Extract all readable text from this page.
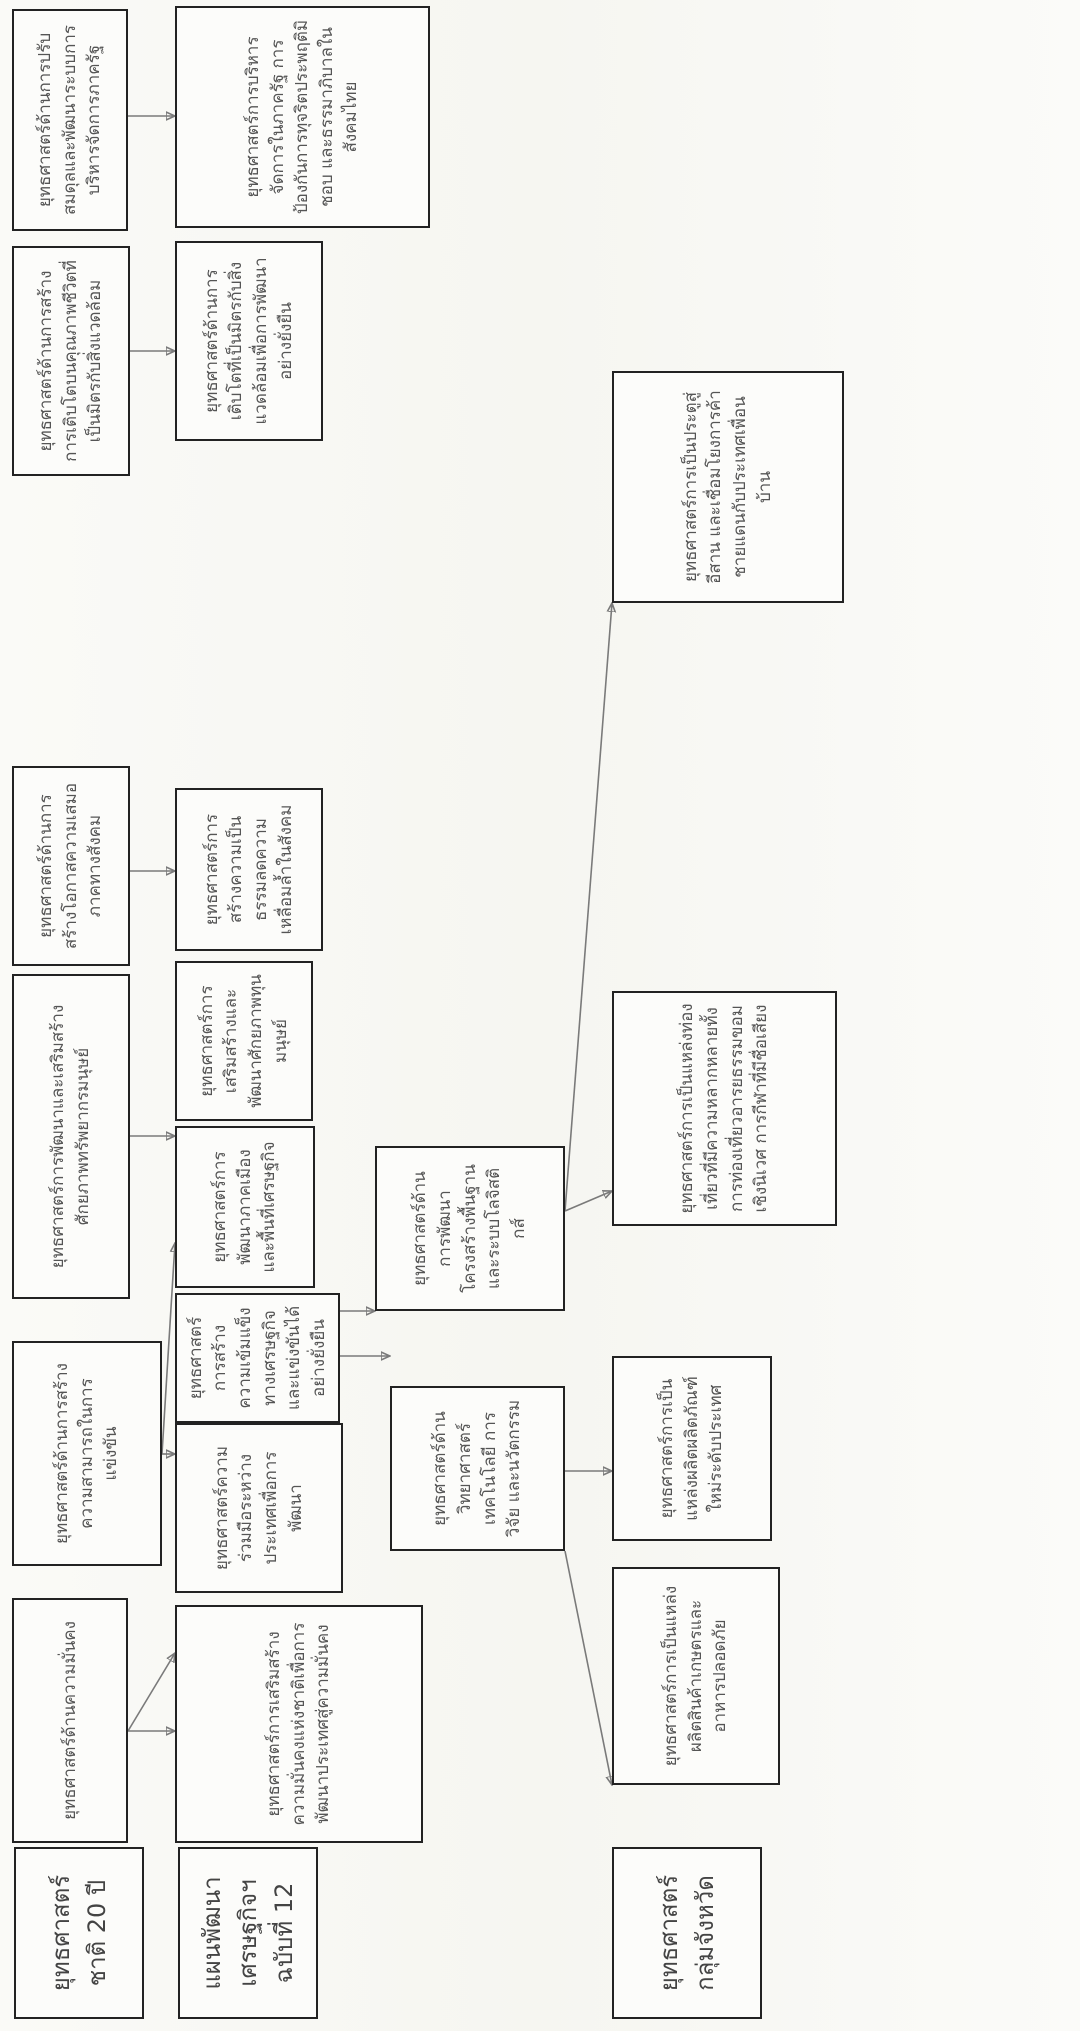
ยุทธศาสตร์ชาติ 20 ปี	แผนพัฒนาเศรษฐกิจฯ ฉบับที่ 12	ยุทธศาสตร์กลุ่มจังหวัด
ยุทธศาสตร์ด้านความมั่นคง
ยุทธศาสตร์ด้านการสร้างความสามารถในการแข่งขัน
ยุทธศาสตร์การพัฒนาและเสริมสร้างศักยภาพทรัพยากรมนุษย์
ยุทธศาสตร์ด้านการสร้างโอกาสความเสมอภาคทางสังคม
ยุทธศาสตร์ด้านการสร้างการเติบโตบนคุณภาพชีวิตที่เป็นมิตรกับสิ่งแวดล้อม
ยุทธศาสตร์ด้านการปรับสมดุลและพัฒนาระบบการบริหารจัดการภาครัฐ
ยุทธศาสตร์การเสริมสร้างความมั่นคงแห่งชาติเพื่อการพัฒนาประเทศสู่ความมั่นคง
ยุทธศาสตร์ความร่วมมือระหว่างประเทศเพื่อการพัฒนา
ยุทธศาสตร์การสร้างความเข้มแข็งทางเศรษฐกิจและแข่งขันได้อย่างยั่งยืน
ยุทธศาสตร์การพัฒนาภาคเมืองและพื้นที่เศรษฐกิจ
ยุทธศาสตร์การเสริมสร้างและพัฒนาศักยภาพทุนมนุษย์
ยุทธศาสตร์การสร้างความเป็นธรรมลดความเหลื่อมล้ำในสังคม
ยุทธศาสตร์ด้านการเติบโตที่เป็นมิตรกับสิ่งแวดล้อมเพื่อการพัฒนาอย่างยั่งยืน
ยุทธศาสตร์การบริหารจัดการในภาครัฐ การป้องกันการทุจริตประพฤติมิชอบ และธรรมาภิบาลในสังคมไทย
ยุทธศาสตร์ด้านวิทยาศาสตร์ เทคโนโลยี การวิจัย และนวัตกรรม
ยุทธศาสตร์ด้านการพัฒนาโครงสร้างพื้นฐานและระบบโลจิสติกส์
ยุทธศาสตร์การเป็นแหล่งผลิตสินค้าเกษตรและอาหารปลอดภัย
ยุทธศาสตร์การเป็นแหล่งผลิตผลิตภัณฑ์ใหม่ระดับประเทศ
ยุทธศาสตร์การเป็นแหล่งท่องเที่ยวที่มีความหลากหลายทั้งการท่องเที่ยวอารยธรรมขอม เชิงนิเวศ การกีฬาที่มีชื่อเสียง
ยุทธศาสตร์การเป็นประตูสู่อีสาน และเชื่อมโยงการค้าชายแดนกับประเทศเพื่อนบ้าน
